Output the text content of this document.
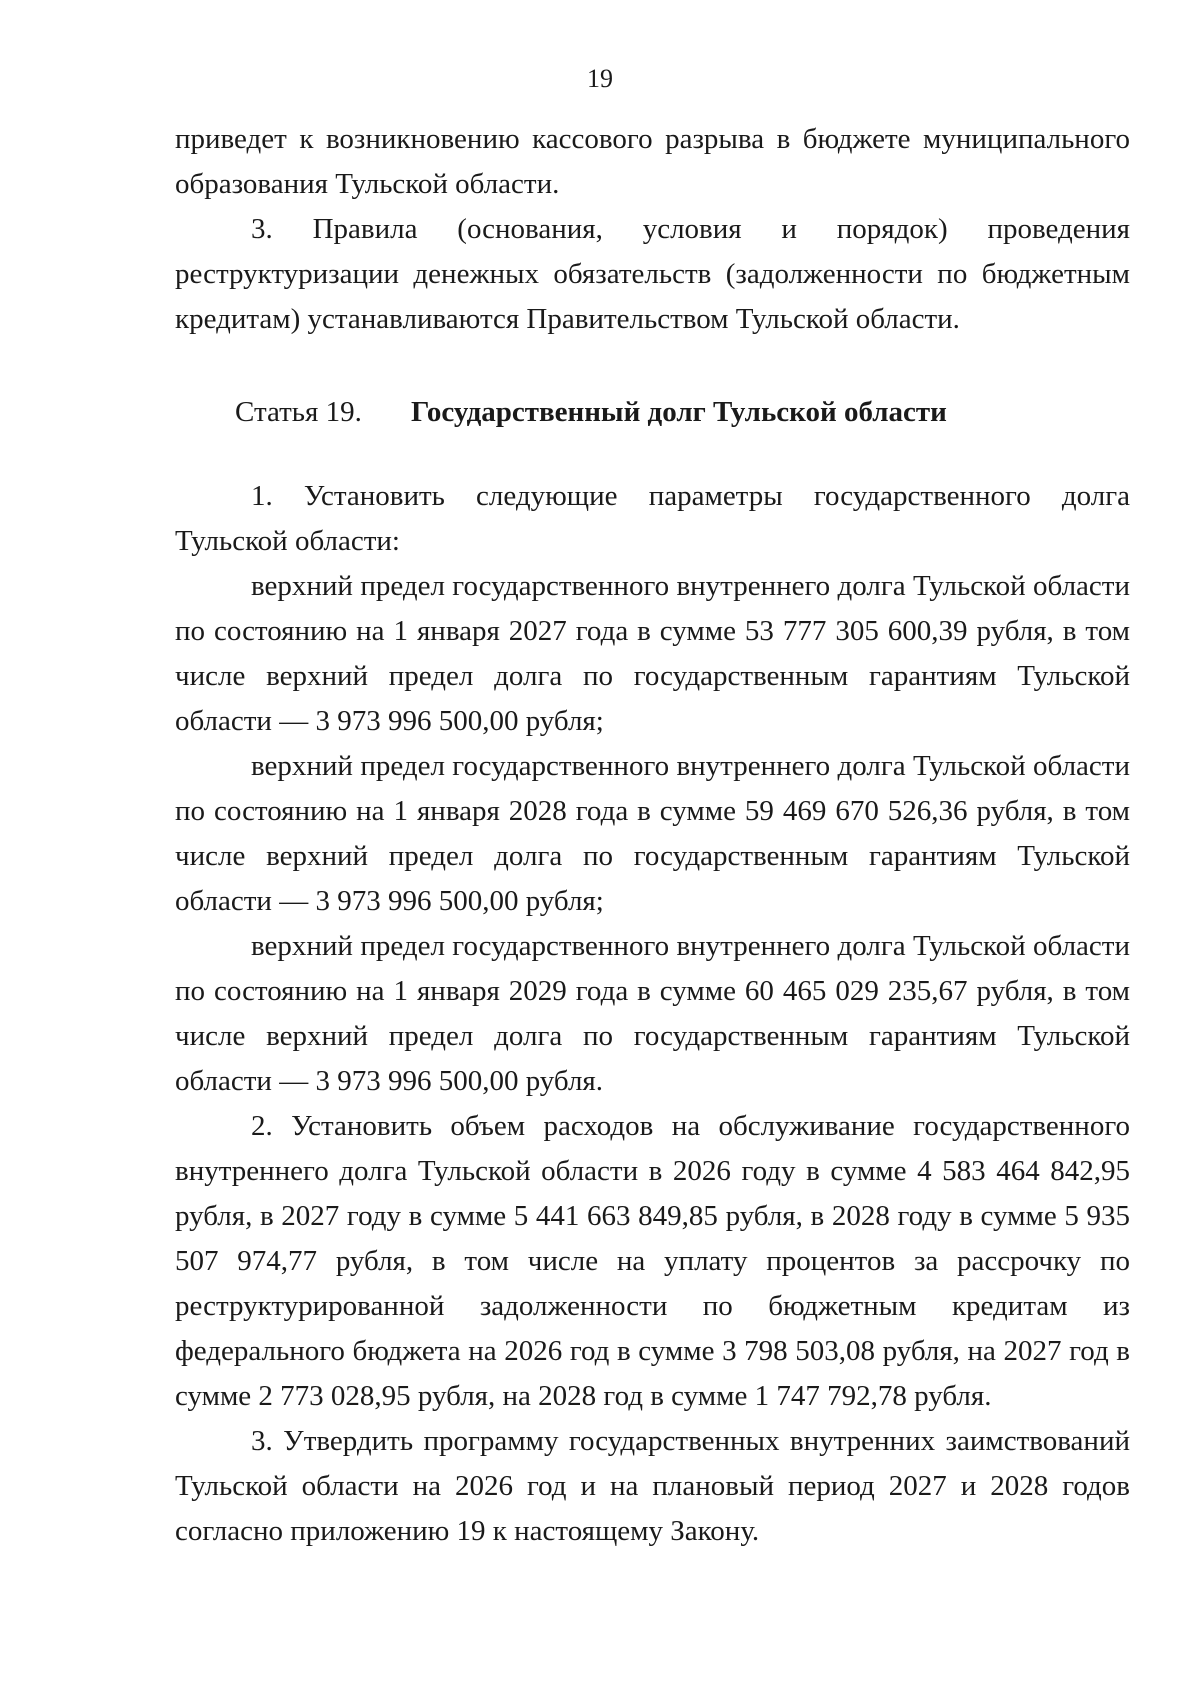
19

приведет к возникновению кассового разрыва в бюджете муниципального образования Тульской области.

3. Правила (основания, условия и порядок) проведения реструктуризации денежных обязательств (задолженности по бюджетным кредитам) устанавливаются Правительством Тульской области.

Статья 19. Государственный долг Тульской области

1. Установить следующие параметры государственного долга Тульской области:

верхний предел государственного внутреннего долга Тульской области по состоянию на 1 января 2027 года в сумме 53 777 305 600,39 рубля, в том числе верхний предел долга по государственным гарантиям Тульской области — 3 973 996 500,00 рубля;

верхний предел государственного внутреннего долга Тульской области по состоянию на 1 января 2028 года в сумме 59 469 670 526,36 рубля, в том числе верхний предел долга по государственным гарантиям Тульской области — 3 973 996 500,00 рубля;

верхний предел государственного внутреннего долга Тульской области по состоянию на 1 января 2029 года в сумме 60 465 029 235,67 рубля, в том числе верхний предел долга по государственным гарантиям Тульской области — 3 973 996 500,00 рубля.

2. Установить объем расходов на обслуживание государственного внутреннего долга Тульской области в 2026 году в сумме 4 583 464 842,95 рубля, в 2027 году в сумме 5 441 663 849,85 рубля, в 2028 году в сумме 5 935 507 974,77 рубля, в том числе на уплату процентов за рассрочку по реструктурированной задолженности по бюджетным кредитам из федерального бюджета на 2026 год в сумме 3 798 503,08 рубля, на 2027 год в сумме 2 773 028,95 рубля, на 2028 год в сумме 1 747 792,78 рубля.

3. Утвердить программу государственных внутренних заимствований Тульской области на 2026 год и на плановый период 2027 и 2028 годов согласно приложению 19 к настоящему Закону.
